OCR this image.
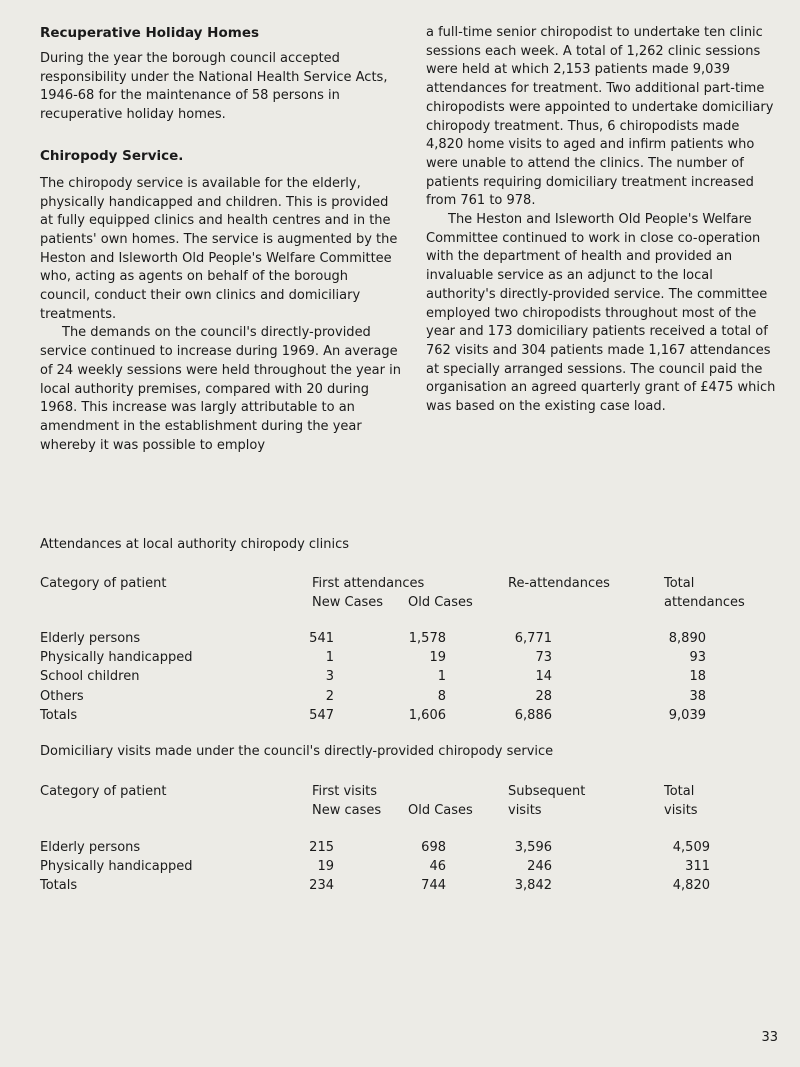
Recuperative Holiday Homes

During the year the borough council accepted responsibility under the National Health Service Acts, 1946-68 for the maintenance of 58 persons in recuperative holiday homes.

Chiropody Service.

The chiropody service is available for the elderly, physically handicapped and children. This is provided at fully equipped clinics and health centres and in the patients' own homes. The service is augmented by the Heston and Isleworth Old People's Welfare Committee who, acting as agents on behalf of the borough council, conduct their own clinics and domiciliary treatments.

The demands on the council's directly-provided service continued to increase during 1969. An average of 24 weekly sessions were held throughout the year in local authority premises, compared with 20 during 1968. This increase was largly attributable to an amendment in the establishment during the year whereby it was possible to employ

a full-time senior chiropodist to undertake ten clinic sessions each week. A total of 1,262 clinic sessions were held at which 2,153 patients made 9,039 attendances for treatment. Two additional part-time chiropodists were appointed to undertake domiciliary chiropody treatment. Thus, 6 chiropodists made 4,820 home visits to aged and infirm patients who were unable to attend the clinics. The number of patients requiring domiciliary treatment increased from 761 to 978.

The Heston and Isleworth Old People's Welfare Committee continued to work in close co-operation with the department of health and provided an invaluable service as an adjunct to the local authority's directly-provided service. The committee employed two chiropodists throughout most of the year and 173 domiciliary patients received a total of 762 visits and 304 patients made 1,167 attendances at specially arranged sessions. The council paid the organisation an agreed quarterly grant of £475 which was based on the existing case load.

Attendances at local authority chiropody clinics
Category of patient	First attendances	Re-attendances	Total
New Cases Old Cases	attendances
Elderly persons	541	1,578	6,771	8,890
Physically handicapped	1	19	73	93
School children	3	1	14	18
Others	2	8	28	38
Totals	547	1,606	6,886	9,039
Domiciliary visits made under the council's directly-provided chiropody service
Category of patient	First visits	Subsequent	Total
New cases Old Cases	visits	visits
Elderly persons	215	698	3,596	4,509
Physically handicapped	19	46	246	311
Totals	234	744	3,842	4,820
33
